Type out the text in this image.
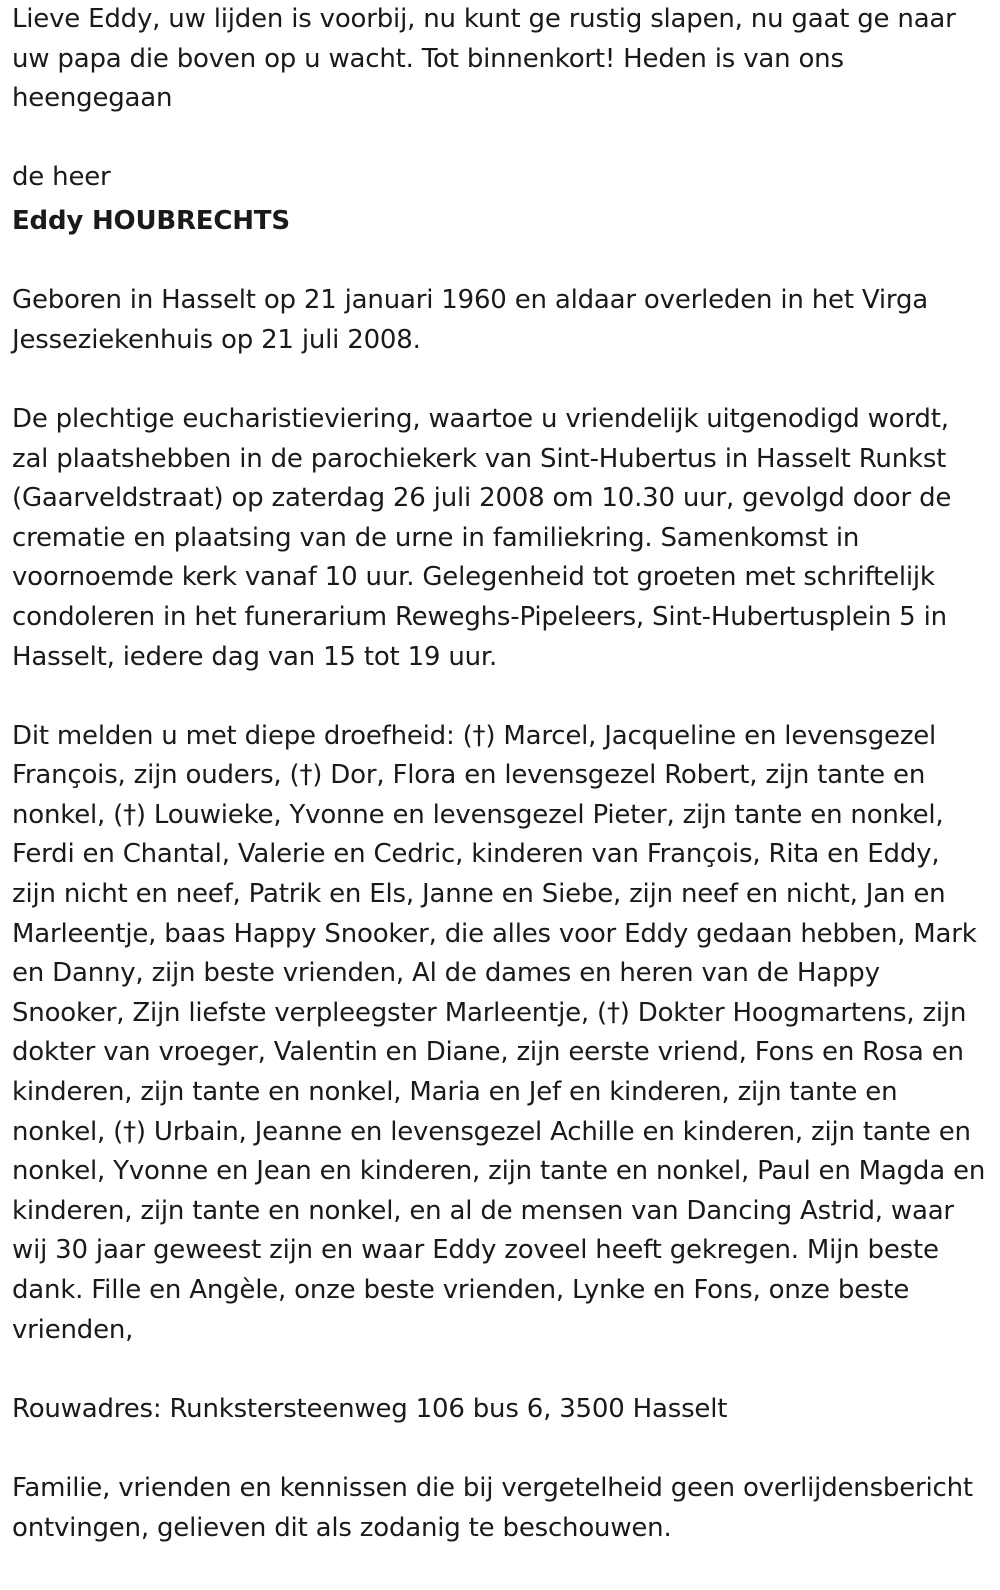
Lieve Eddy, uw lijden is voorbij, nu kunt ge rustig slapen, nu gaat ge naar uw papa die boven op u wacht. Tot binnenkort! Heden is van ons heengegaan

de heer

Eddy HOUBRECHTS

Geboren in Hasselt op 21 januari 1960 en aldaar overleden in het Virga Jesseziekenhuis op 21 juli 2008.

De plechtige eucharistieviering, waartoe u vriendelijk uitgenodigd wordt, zal plaatshebben in de parochiekerk van Sint-Hubertus in Hasselt Runkst (Gaarveldstraat) op zaterdag 26 juli 2008 om 10.30 uur, gevolgd door de crematie en plaatsing van de urne in familiekring. Samenkomst in voornoemde kerk vanaf 10 uur. Gelegenheid tot groeten met schriftelijk condoleren in het funerarium Reweghs-Pipeleers, Sint-Hubertusplein 5 in Hasselt, iedere dag van 15 tot 19 uur.

Dit melden u met diepe droefheid: (†) Marcel, Jacqueline en levensgezel François, zijn ouders, (†) Dor, Flora en levensgezel Robert, zijn tante en nonkel, (†) Louwieke, Yvonne en levensgezel Pieter, zijn tante en nonkel, Ferdi en Chantal, Valerie en Cedric, kinderen van François, Rita en Eddy, zijn nicht en neef, Patrik en Els, Janne en Siebe, zijn neef en nicht, Jan en Marleentje, baas Happy Snooker, die alles voor Eddy gedaan hebben, Mark en Danny, zijn beste vrienden, Al de dames en heren van de Happy Snooker, Zijn liefste verpleegster Marleentje, (†) Dokter Hoogmartens, zijn dokter van vroeger, Valentin en Diane, zijn eerste vriend, Fons en Rosa en kinderen, zijn tante en nonkel, Maria en Jef en kinderen, zijn tante en nonkel, (†) Urbain, Jeanne en levensgezel Achille en kinderen, zijn tante en nonkel, Yvonne en Jean en kinderen, zijn tante en nonkel, Paul en Magda en kinderen, zijn tante en nonkel, en al de mensen van Dancing Astrid, waar wij 30 jaar geweest zijn en waar Eddy zoveel heeft gekregen. Mijn beste dank. Fille en Angèle, onze beste vrienden, Lynke en Fons, onze beste vrienden,

Rouwadres: Runkstersteenweg 106 bus 6, 3500 Hasselt

Familie, vrienden en kennissen die bij vergetelheid geen overlijdensbericht ontvingen, gelieven dit als zodanig te beschouwen.
